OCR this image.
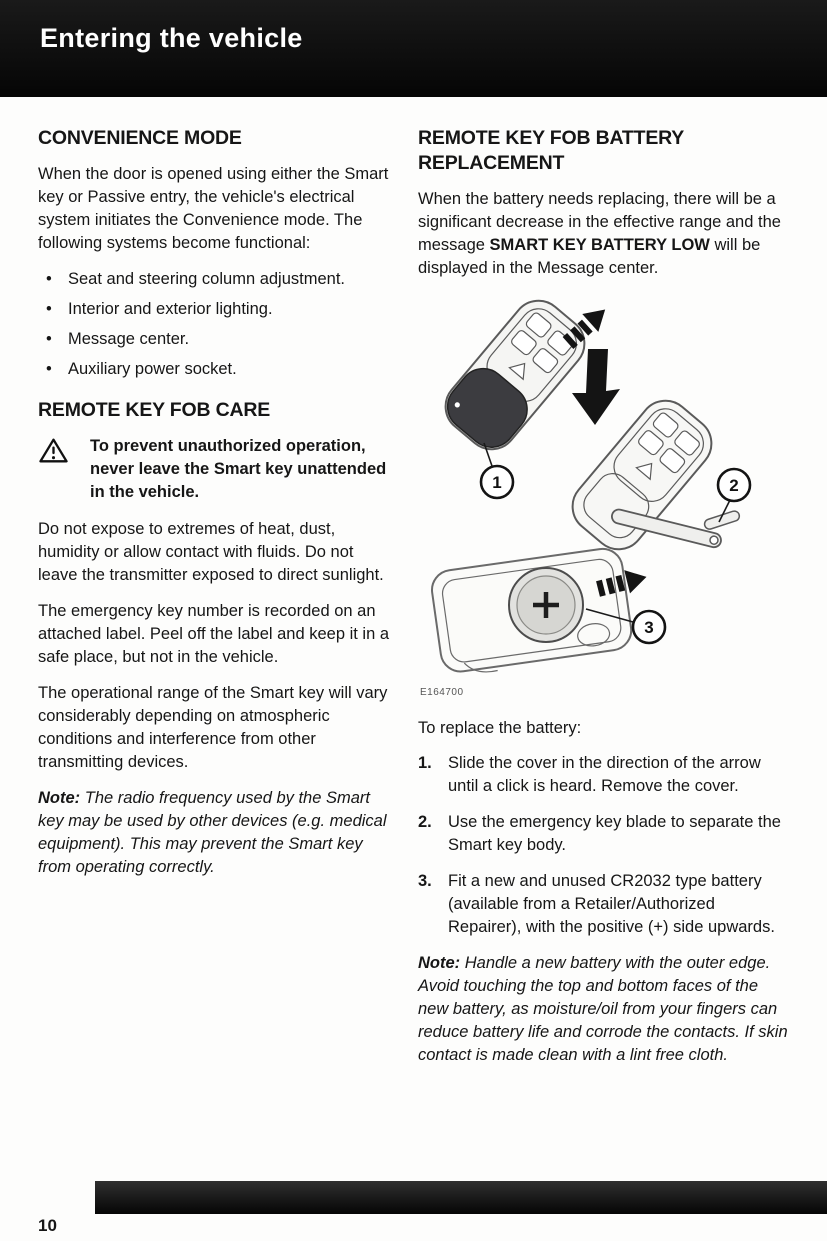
Entering the vehicle
CONVENIENCE MODE

When the door is opened using either the Smart key or Passive entry, the vehicle's electrical system initiates the Convenience mode. The following systems become functional:

• Seat and steering column adjustment.
• Interior and exterior lighting.
• Message center.
• Auxiliary power socket.
REMOTE KEY FOB CARE

To prevent unauthorized operation, never leave the Smart key unattended in the vehicle.

Do not expose to extremes of heat, dust, humidity or allow contact with fluids. Do not leave the transmitter exposed to direct sunlight.

The emergency key number is recorded on an attached label. Peel off the label and keep it in a safe place, but not in the vehicle.

The operational range of the Smart key will vary considerably depending on atmospheric conditions and interference from other transmitting devices.

Note: The radio frequency used by the Smart key may be used by other devices (e.g. medical equipment). This may prevent the Smart key from operating correctly.

REMOTE KEY FOB BATTERY REPLACEMENT

When the battery needs replacing, there will be a significant decrease in the effective range and the message SMART KEY BATTERY LOW will be displayed in the Message center.

1	2
3
E164700

To replace the battery:

1. Slide the cover in the direction of the arrow until a click is heard. Remove the cover.
2. Use the emergency key blade to separate the Smart key body.
3. Fit a new and unused CR2032 type battery (available from a Retailer/Authorized Repairer), with the positive (+) side upwards.

Note: Handle a new battery with the outer edge. Avoid touching the top and bottom faces of the new battery, as moisture/oil from your fingers can reduce battery life and corrode the contacts. If skin contact is made clean with a lint free cloth.

10
